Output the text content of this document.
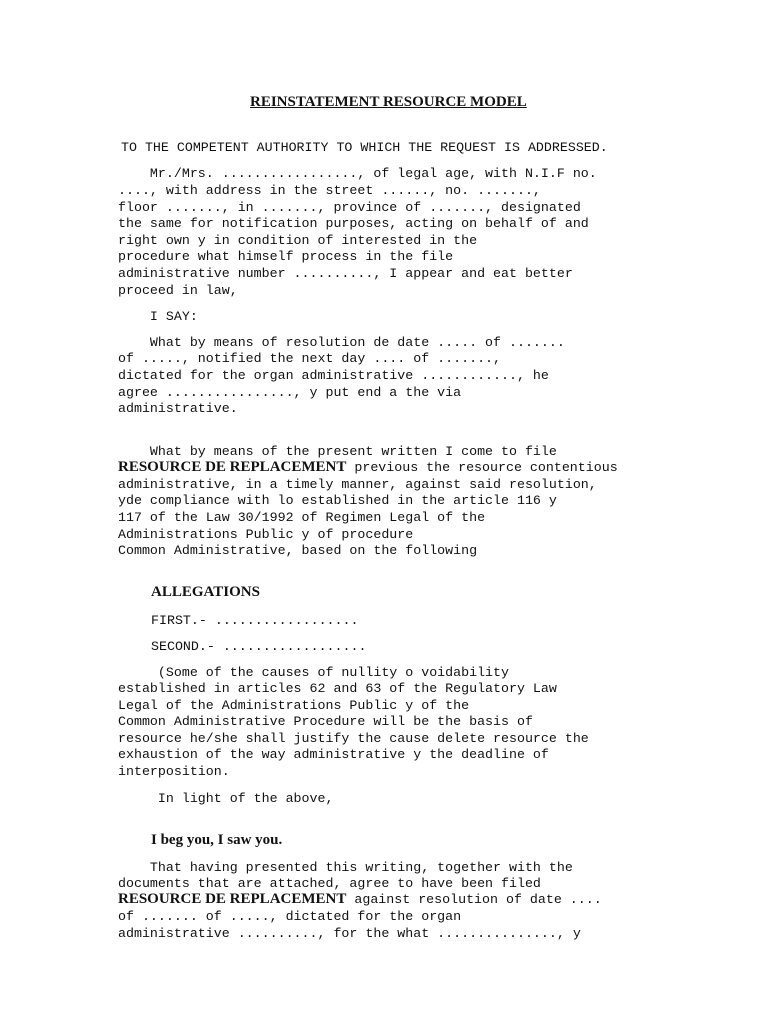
REINSTATEMENT RESOURCE MODEL
TO THE COMPETENT AUTHORITY TO WHICH THE REQUEST IS ADDRESSED.
Mr./Mrs. ................., of legal age, with N.I.F no.
...., with address in the street ......, no. .......,
floor ......., in ......., province of ......., designated
the same for notification purposes, acting on behalf of and
right own y in condition of interested in the
procedure what himself process in the file
administrative number .........., I appear and eat better
proceed in law,
I SAY:
What by means of resolution de date ..... of .......
of ....., notified the next day .... of .......,
dictated for the organ administrative ............, he
agree ................, y put end a the via
administrative.
What by means of the present written I come to file
RESOURCE DE REPLACEMENT previous the resource contentious
administrative, in a timely manner, against said resolution,
yde compliance with lo established in the article 116 y
117 of the Law 30/1992 of Regimen Legal of the
Administrations Public y of procedure
Common Administrative, based on the following
ALLEGATIONS
FIRST.- ..................
SECOND.- ..................
(Some of the causes of nullity o voidability
established in articles 62 and 63 of the Regulatory Law
Legal of the Administrations Public y of the
Common Administrative Procedure will be the basis of
resource he/she shall justify the cause delete resource the
exhaustion of the way administrative y the deadline of
interposition.
In light of the above,
I beg you, I saw you.
That having presented this writing, together with the
documents that are attached, agree to have been filed
RESOURCE DE REPLACEMENT against resolution of date ....
of ....... of ....., dictated for the organ
administrative .........., for the what ..............., y
